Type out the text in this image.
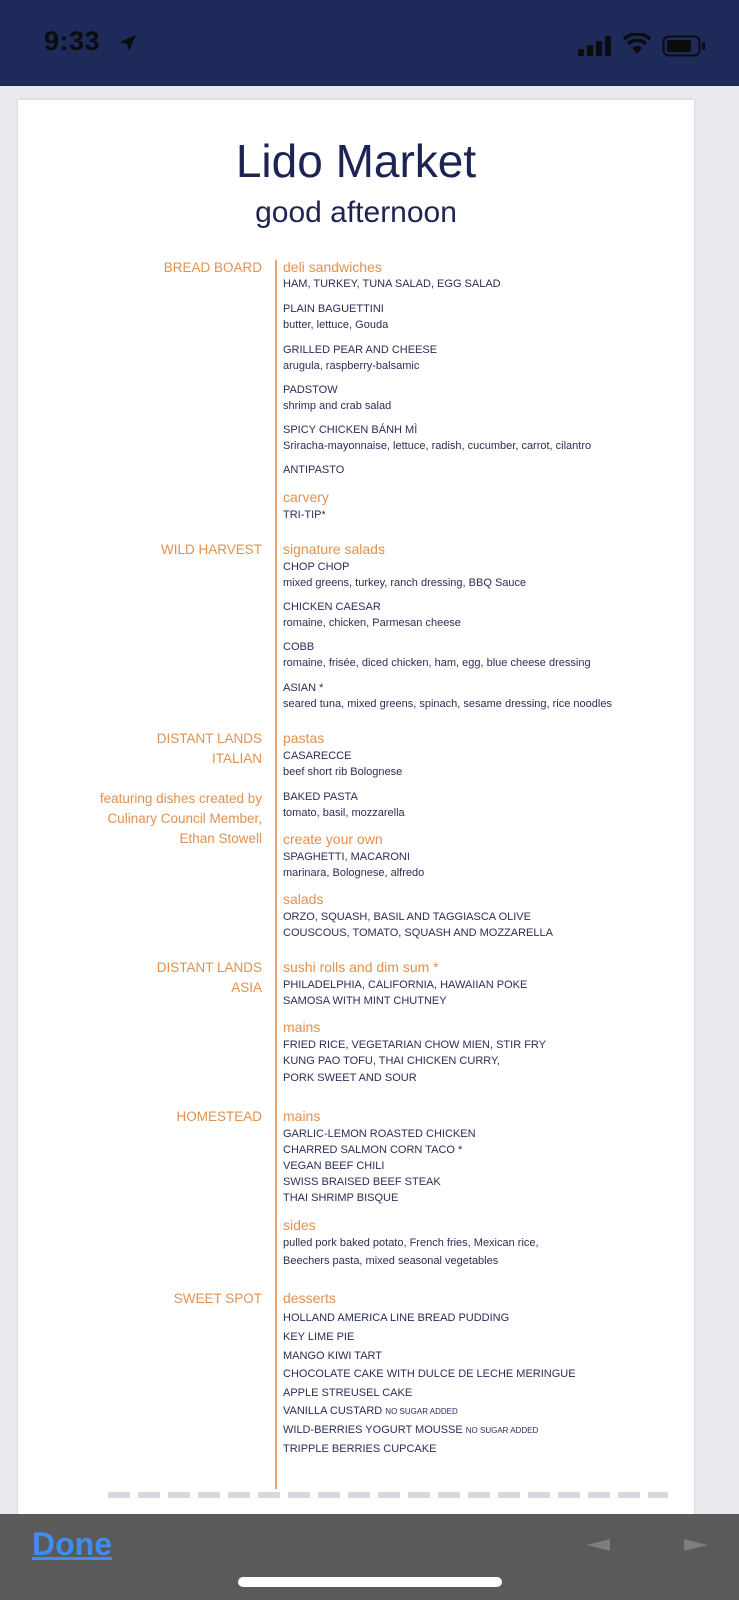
9:33
Lido Market
good afternoon
BREAD BOARD
WILD HARVEST
DISTANT LANDS
ITALIAN
featuring dishes created by
Culinary Council Member,
Ethan Stowell
DISTANT LANDS
ASIA
HOMESTEAD
SWEET SPOT
deli sandwiches
HAM, TURKEY, TUNA SALAD, EGG SALAD
PLAIN BAGUETTINI
butter, lettuce, Gouda
GRILLED PEAR AND CHEESE
arugula, raspberry-balsamic
PADSTOW
shrimp and crab salad
SPICY CHICKEN BÁNH MÌ
Sriracha-mayonnaise, lettuce, radish, cucumber, carrot, cilantro
ANTIPASTO
carvery
TRI-TIP*
signature salads
CHOP CHOP
mixed greens, turkey, ranch dressing, BBQ Sauce
CHICKEN CAESAR
romaine, chicken, Parmesan cheese
COBB
romaine, frisée, diced chicken, ham, egg, blue cheese dressing
ASIAN *
seared tuna, mixed greens, spinach, sesame dressing, rice noodles
pastas
CASARECCE
beef short rib Bolognese
BAKED PASTA
tomato, basil, mozzarella
create your own
SPAGHETTI, MACARONI
marinara, Bolognese, alfredo
salads
ORZO, SQUASH, BASIL AND TAGGIASCA OLIVE
COUSCOUS, TOMATO, SQUASH AND MOZZARELLA
sushi rolls and dim sum *
PHILADELPHIA, CALIFORNIA, HAWAIIAN POKE
SAMOSA WITH MINT CHUTNEY
mains
FRIED RICE, VEGETARIAN CHOW MIEN, STIR FRY
KUNG PAO TOFU, THAI CHICKEN CURRY,
PORK SWEET AND SOUR
mains
GARLIC-LEMON ROASTED CHICKEN
CHARRED SALMON CORN TACO *
VEGAN BEEF CHILI
SWISS BRAISED BEEF STEAK
THAI SHRIMP BISQUE
sides
pulled pork baked potato, French fries, Mexican rice,
Beechers pasta, mixed seasonal vegetables
desserts
HOLLAND AMERICA LINE BREAD PUDDING
KEY LIME PIE
MANGO KIWI TART
CHOCOLATE CAKE WITH DULCE DE LECHE MERINGUE
APPLE STREUSEL CAKE
VANILLA CUSTARD NO SUGAR ADDED
WILD-BERRIES YOGURT MOUSSE NO SUGAR ADDED
TRIPPLE BERRIES CUPCAKE
Done
